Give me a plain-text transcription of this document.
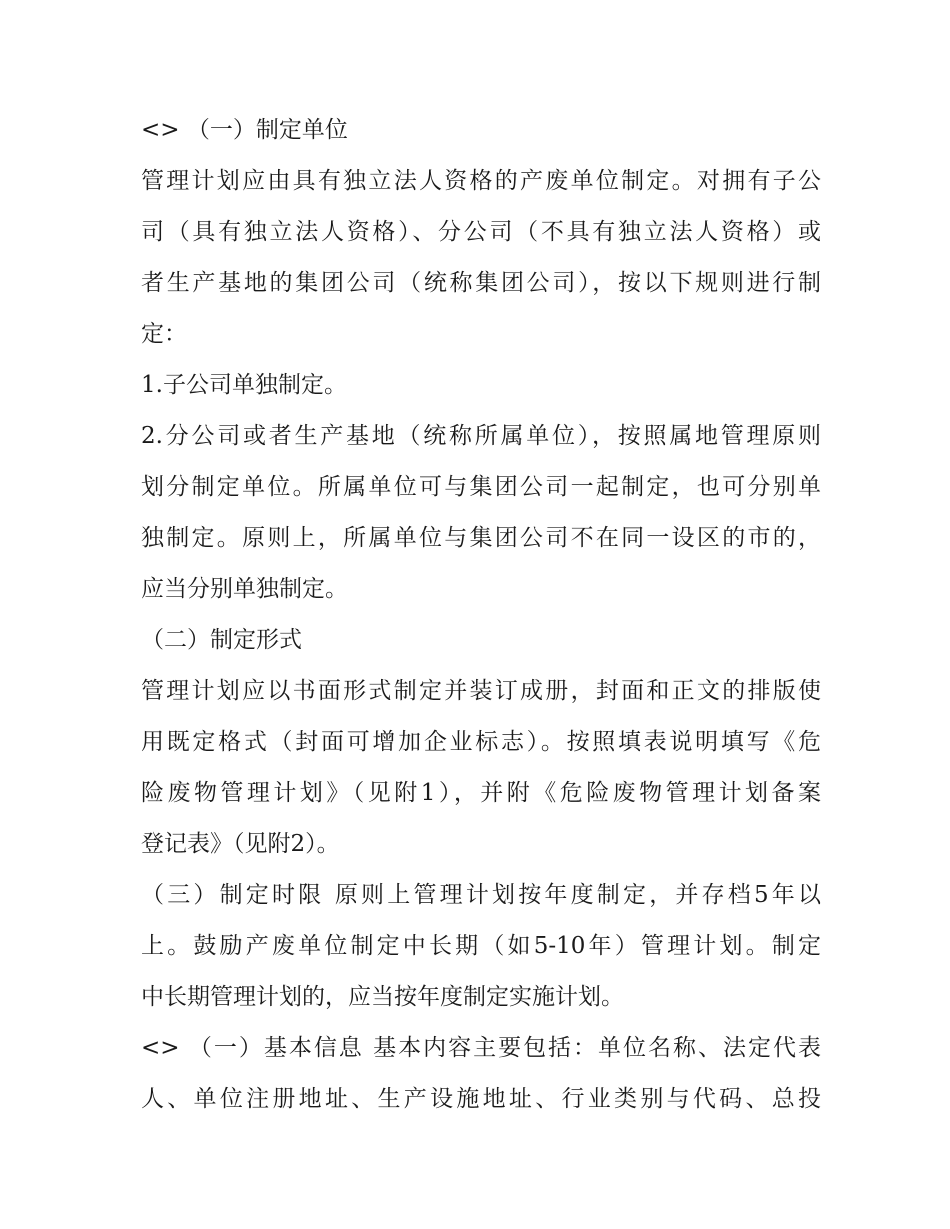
<> （一）制定单位
管理计划应由具有独立法人资格的产废单位制定。对拥有子公
司（具有独立法人资格）、分公司（不具有独立法人资格）或
者生产基地的集团公司（统称集团公司），按以下规则进行制
定：
1.子公司单独制定。
2.分公司或者生产基地（统称所属单位），按照属地管理原则
划分制定单位。所属单位可与集团公司一起制定，也可分别单
独制定。原则上，所属单位与集团公司不在同一设区的市的，
应当分别单独制定。
（二）制定形式
管理计划应以书面形式制定并装订成册，封面和正文的排版使
用既定格式（封面可增加企业标志）。按照填表说明填写《危
险废物管理计划》（见附1），并附《危险废物管理计划备案
登记表》（见附2）。
（三）制定时限 原则上管理计划按年度制定，并存档5年以
上。鼓励产废单位制定中长期（如5-10年）管理计划。制定
中长期管理计划的，应当按年度制定实施计划。
<> （一）基本信息 基本内容主要包括：单位名称、法定代表
人、单位注册地址、生产设施地址、行业类别与代码、总投
